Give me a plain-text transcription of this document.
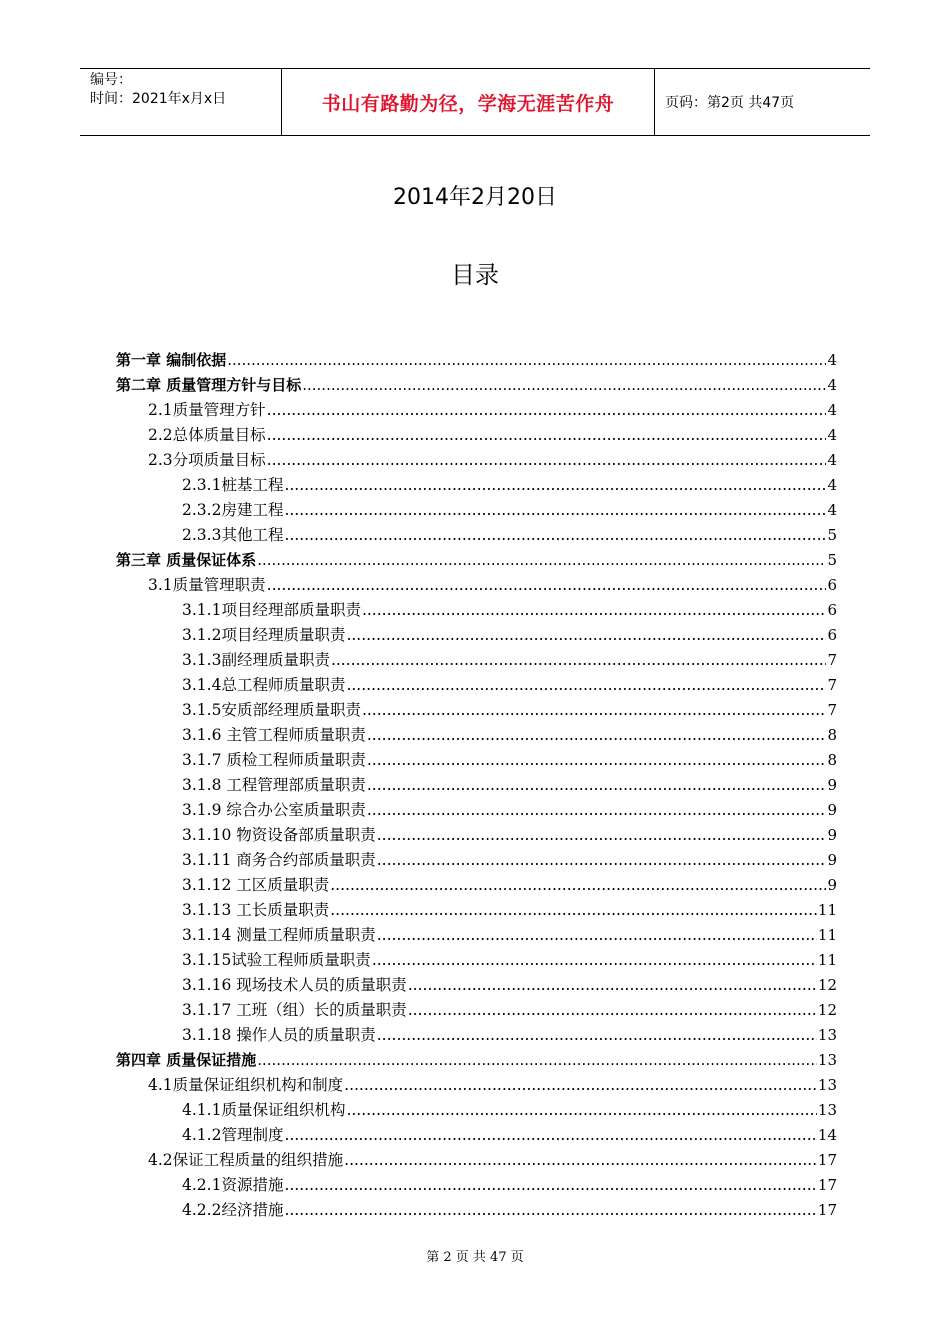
编号：
时间：2021年x月x日	书山有路勤为径，学海无涯苦作舟	页码：第2页 共47页
2014年2月20日
目录
第一章 编制依据 .....	4
第二章 质量管理方针与目标 .....	4
2.1质量管理方针 .....	4
2.2总体质量目标 .....	4
2.3分项质量目标 .....	4
2.3.1桩基工程 .....	4
2.3.2房建工程 .....	4
2.3.3其他工程 .....	5
第三章 质量保证体系 .....	5
3.1质量管理职责 .....	6
3.1.1项目经理部质量职责 .....	6
3.1.2项目经理质量职责 .....	6
3.1.3副经理质量职责 .....	7
3.1.4总工程师质量职责 .....	7
3.1.5安质部经理质量职责 .....	7
3.1.6 主管工程师质量职责 .....	8
3.1.7 质检工程师质量职责 .....	8
3.1.8 工程管理部质量职责 .....	9
3.1.9 综合办公室质量职责 .....	9
3.1.10 物资设备部质量职责 .....	9
3.1.11 商务合约部质量职责 .....	9
3.1.12 工区质量职责 .....	9
3.1.13 工长质量职责 .....	11
3.1.14 测量工程师质量职责 .....	11
3.1.15试验工程师质量职责 .....	11
3.1.16 现场技术人员的质量职责 .....	12
3.1.17 工班（组）长的质量职责 .....	12
3.1.18 操作人员的质量职责 .....	13
第四章 质量保证措施 .....	13
4.1质量保证组织机构和制度 .....	13
4.1.1质量保证组织机构 .....	13
4.1.2管理制度 .....	14
4.2保证工程质量的组织措施 .....	17
4.2.1资源措施 .....	17
4.2.2经济措施 .....	17
第 2 页 共 47 页
